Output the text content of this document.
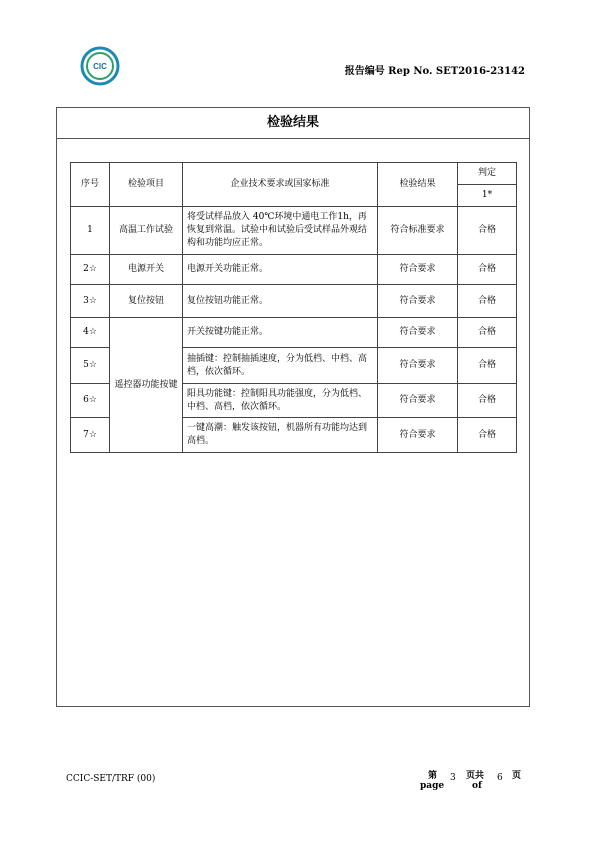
CIC	报告编号 Rep No. SET2016-23142
检验结果
序号	检验项目	企业技术要求或国家标准	检验结果	判定
				1*
1	高温工作试验	将受试样品放入 40℃环境中通电工作1h，再恢复到常温。试验中和试验后受试样品外观结构和功能均应正常。	符合标准要求	合格
2☆	电源开关	电源开关功能正常。	符合要求	合格
3☆	复位按钮	复位按钮功能正常。	符合要求	合格
4☆	遥控器功能按键	开关按键功能正常。	符合要求	合格
5☆		抽插键：控制抽插速度，分为低档、中档、高档，依次循环。	符合要求	合格
6☆		阳具功能键：控制阳具功能强度，分为低档、中档、高档，依次循环。	符合要求	合格
7☆		一键高潮：触发该按钮，机器所有功能均达到　高档。	符合要求	合格
CCIC-SET/TRF (00)	第
page
3 页共
of
6 页
